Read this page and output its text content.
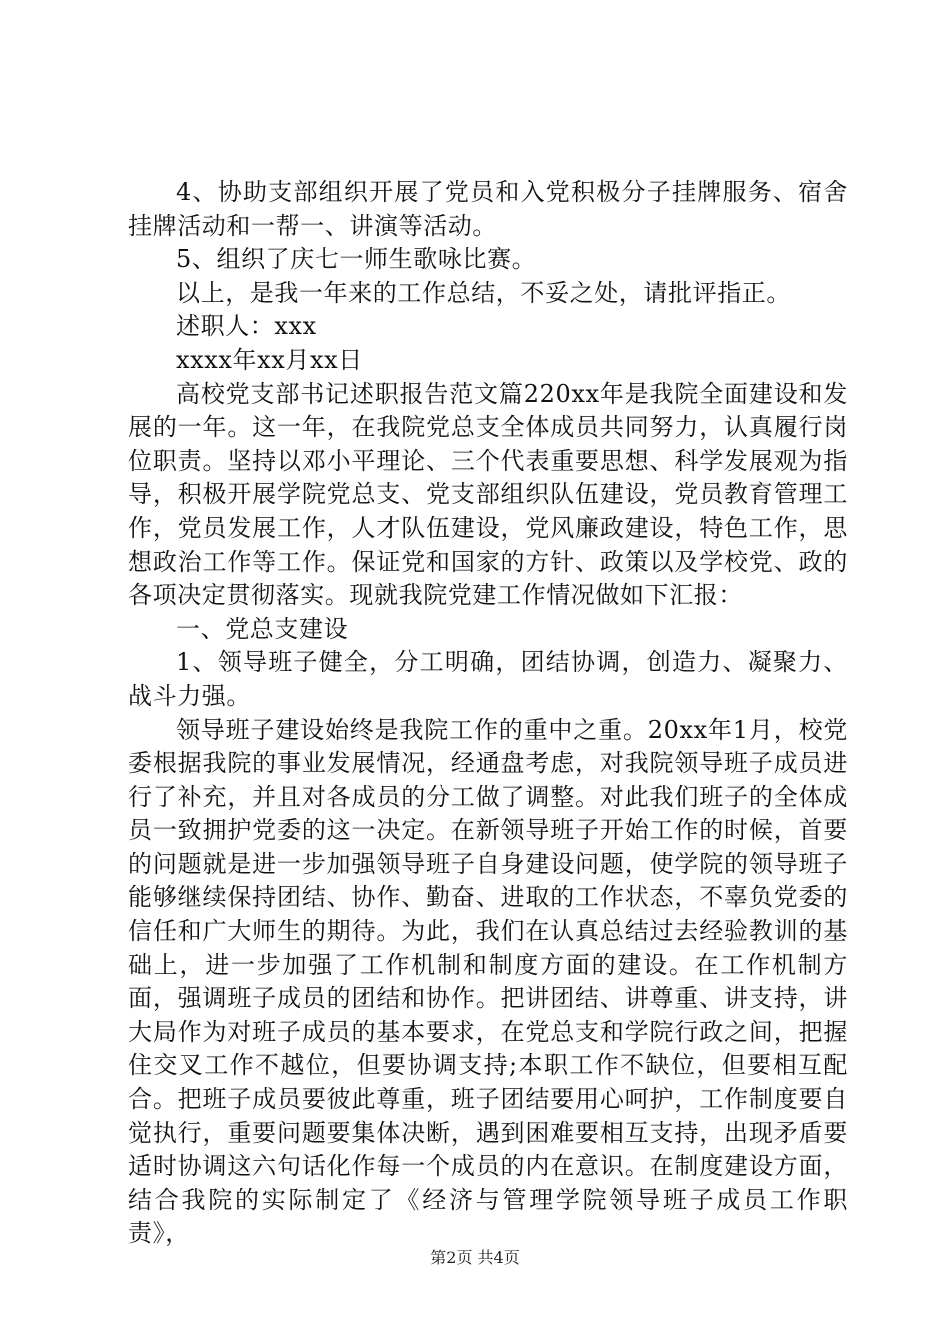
4、协助支部组织开展了党员和入党积极分子挂牌服务、宿舍挂牌活动和一帮一、讲演等活动。

5、组织了庆七一师生歌咏比赛。

以上，是我一年来的工作总结，不妥之处，请批评指正。

述职人：xxx

xxxx年xx月xx日

高校党支部书记述职报告范文篇220xx年是我院全面建设和发展的一年。这一年，在我院党总支全体成员共同努力，认真履行岗位职责。坚持以邓小平理论、三个代表重要思想、科学发展观为指导，积极开展学院党总支、党支部组织队伍建设，党员教育管理工作，党员发展工作，人才队伍建设，党风廉政建设，特色工作，思想政治工作等工作。保证党和国家的方针、政策以及学校党、政的各项决定贯彻落实。现就我院党建工作情况做如下汇报：

一、党总支建设

1、领导班子健全，分工明确，团结协调，创造力、凝聚力、战斗力强。

领导班子建设始终是我院工作的重中之重。20xx年1月，校党委根据我院的事业发展情况，经通盘考虑，对我院领导班子成员进行了补充，并且对各成员的分工做了调整。对此我们班子的全体成员一致拥护党委的这一决定。在新领导班子开始工作的时候，首要的问题就是进一步加强领导班子自身建设问题，使学院的领导班子能够继续保持团结、协作、勤奋、进取的工作状态，不辜负党委的信任和广大师生的期待。为此，我们在认真总结过去经验教训的基础上，进一步加强了工作机制和制度方面的建设。在工作机制方面，强调班子成员的团结和协作。把讲团结、讲尊重、讲支持，讲大局作为对班子成员的基本要求，在党总支和学院行政之间，把握住交叉工作不越位，但要协调支持;本职工作不缺位，但要相互配合。把班子成员要彼此尊重，班子团结要用心呵护，工作制度要自觉执行，重要问题要集体决断，遇到困难要相互支持，出现矛盾要适时协调这六句话化作每一个成员的内在意识。在制度建设方面，结合我院的实际制定了《经济与管理学院领导班子成员工作职责》，

第2页 共4页
